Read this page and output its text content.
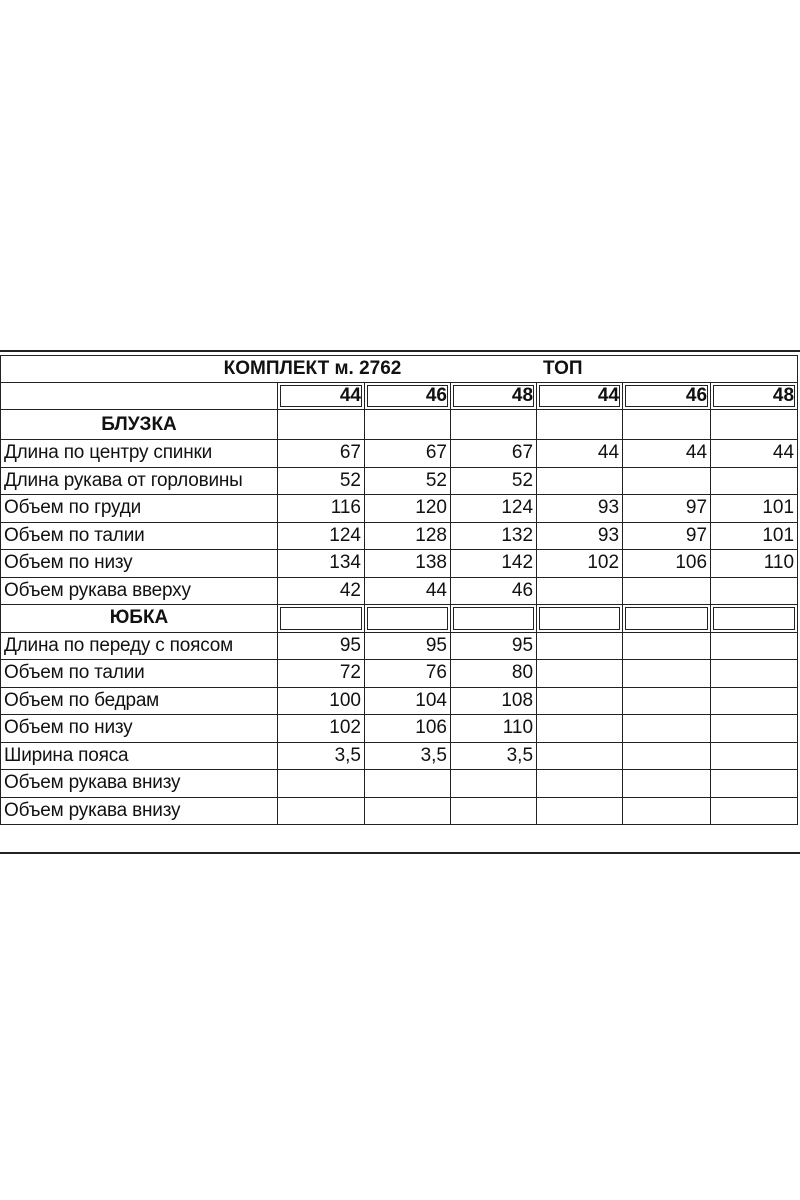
КОМПЛЕКТ м. 2762				ТОП		
	44	46	48	44	46	48
БЛУЗКА						
Длина по центру спинки	67	67	67	44	44	44
Длина рукава от горловины	52	52	52			
Объем по груди	116	120	124	93	97	101
Объем по талии	124	128	132	93	97	101
Объем по низу	134	138	142	102	106	110
Объем рукава вверху	42	44	46			
ЮБКА						
Длина по переду с поясом	95	95	95			
Объем по талии	72	76	80			
Объем по бедрам	100	104	108			
Объем по низу	102	106	110			
Ширина пояса	3,5	3,5	3,5			
Объем рукава внизу						
Объем рукава внизу						
